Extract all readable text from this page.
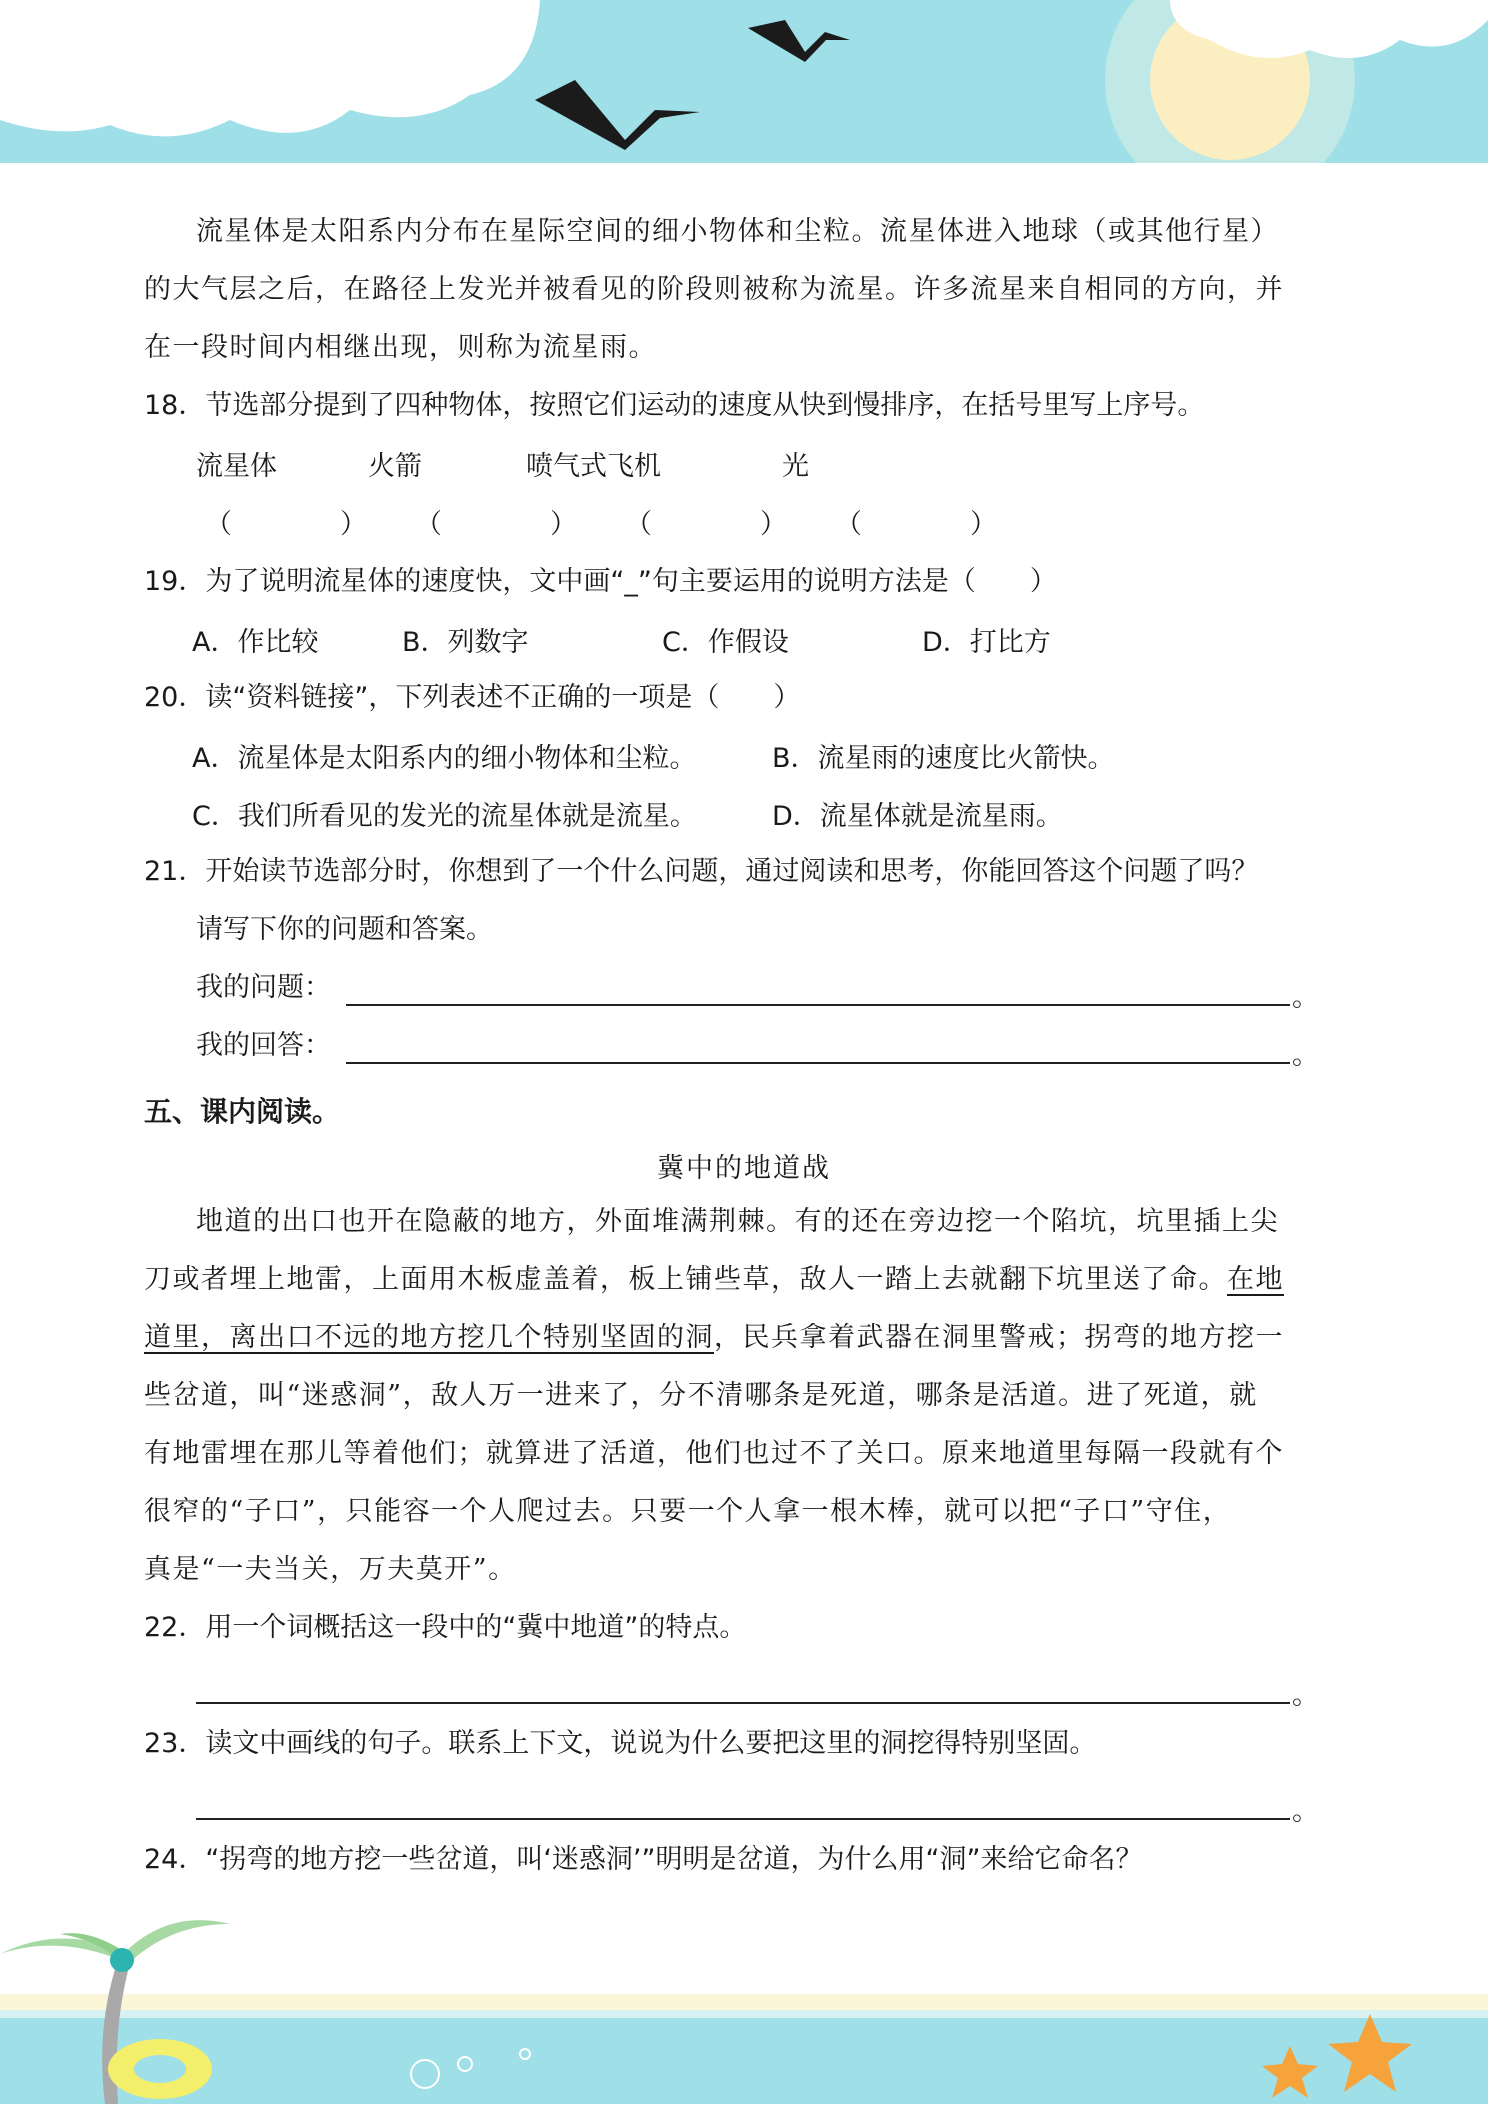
流星体是太阳系内分布在星际空间的细小物体和尘粒。流星体进入地球（或其他行星）
的大气层之后，在路径上发光并被看见的阶段则被称为流星。许多流星来自相同的方向，并
在一段时间内相继出现，则称为流星雨。
18．节选部分提到了四种物体，按照它们运动的速度从快到慢排序，在括号里写上序号。
流星体	火箭	喷气式飞机	光
（　　　　） （　　　　） （　　　　） （　　　　）
19．为了说明流星体的速度快，文中画“_”句主要运用的说明方法是（　　）
A．作比较	B．列数字	C．作假设	D．打比方
20．读“资料链接”，下列表述不正确的一项是（　　）
A．流星体是太阳系内的细小物体和尘粒。	B．流星雨的速度比火箭快。
C．我们所看见的发光的流星体就是流星。	D．流星体就是流星雨。
21．开始读节选部分时，你想到了一个什么问题，通过阅读和思考，你能回答这个问题了吗？
请写下你的问题和答案。
我的问题：	。
我的回答：	。
五、课内阅读。
冀中的地道战
地道的出口也开在隐蔽的地方，外面堆满荆棘。有的还在旁边挖一个陷坑，坑里插上尖
刀或者埋上地雷，上面用木板虚盖着，板上铺些草，敌人一踏上去就翻下坑里送了命。在地
道里，离出口不远的地方挖几个特别坚固的洞，民兵拿着武器在洞里警戒；拐弯的地方挖一
些岔道，叫“迷惑洞”，敌人万一进来了，分不清哪条是死道，哪条是活道。进了死道，就
有地雷埋在那儿等着他们；就算进了活道，他们也过不了关口。原来地道里每隔一段就有个
很窄的“子口”，只能容一个人爬过去。只要一个人拿一根木棒，就可以把“子口”守住，
真是“一夫当关，万夫莫开”。
22．用一个词概括这一段中的“冀中地道”的特点。
。
23．读文中画线的句子。联系上下文，说说为什么要把这里的洞挖得特别坚固。
。
24．“拐弯的地方挖一些岔道，叫‘迷惑洞’”明明是岔道，为什么用“洞”来给它命名？
